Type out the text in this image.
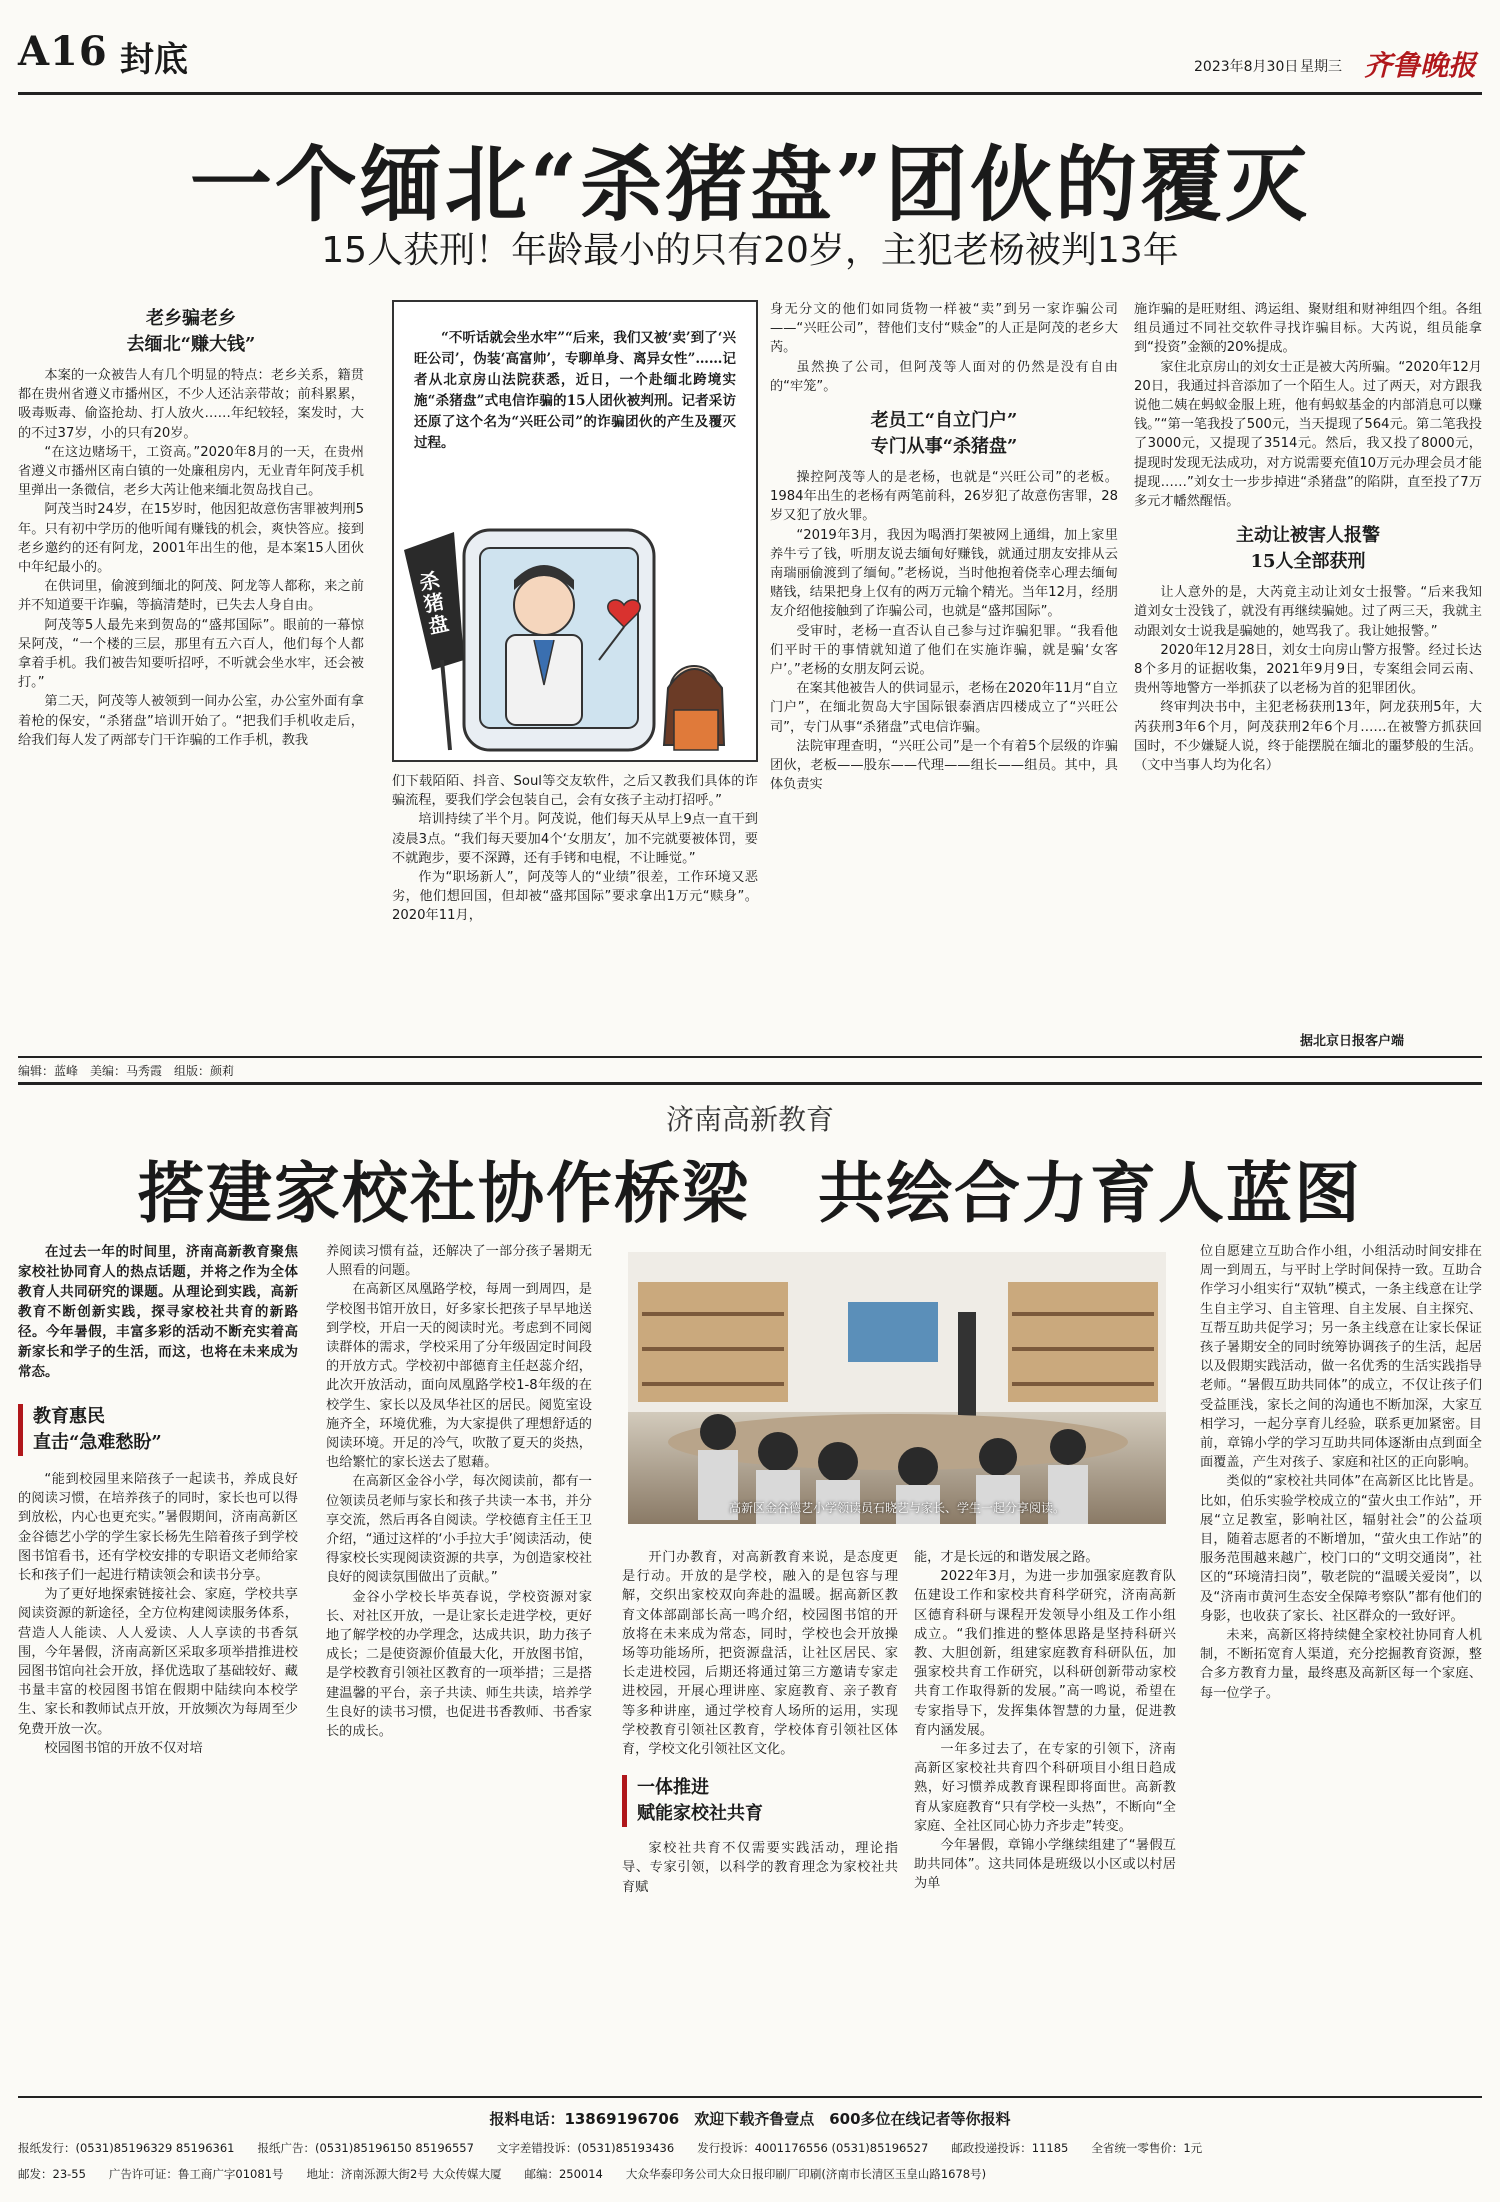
A16 封底	2023年8月30日 星期三 齐鲁晚报
一个缅北“杀猪盘”团伙的覆灭
15人获刑！年龄最小的只有20岁，主犯老杨被判13年
老乡骗老乡
去缅北“赚大钱”

本案的一众被告人有几个明显的特点：老乡关系，籍贯都在贵州省遵义市播州区，不少人还沾亲带故；前科累累，吸毒贩毒、偷盗抢劫、打人放火……年纪较轻，案发时，大的不过37岁，小的只有20岁。

“在这边赌场干，工资高。”2020年8月的一天，在贵州省遵义市播州区南白镇的一处廉租房内，无业青年阿茂手机里弹出一条微信，老乡大芮让他来缅北贺岛找自己。

阿茂当时24岁，在15岁时，他因犯故意伤害罪被判刑5年。只有初中学历的他听闻有赚钱的机会，爽快答应。接到老乡邀约的还有阿龙，2001年出生的他，是本案15人团伙中年纪最小的。

在供词里，偷渡到缅北的阿茂、阿龙等人都称，来之前并不知道要干诈骗，等搞清楚时，已失去人身自由。

阿茂等5人最先来到贺岛的“盛邦国际”。眼前的一幕惊呆阿茂，“一个楼的三层，那里有五六百人，他们每个人都拿着手机。我们被告知要听招呼，不听就会坐水牢，还会被打。”

第二天，阿茂等人被领到一间办公室，办公室外面有拿着枪的保安，“杀猪盘”培训开始了。“把我们手机收走后，给我们每人发了两部专门干诈骗的工作手机，教我

“不听话就会坐水牢”“后来，我们又被‘卖’到了‘兴旺公司’，伪装‘高富帅’，专聊单身、离异女性”……记者从北京房山法院获悉，近日，一个赴缅北跨境实施“杀猪盘”式电信诈骗的15人团伙被判刑。记者采访还原了这个名为“兴旺公司”的诈骗团伙的产生及覆灭过程。
杀猪盘

们下载陌陌、抖音、Soul等交友软件，之后又教我们具体的诈骗流程，要我们学会包装自己，会有女孩子主动打招呼。”

培训持续了半个月。阿茂说，他们每天从早上9点一直干到凌晨3点。“我们每天要加4个‘女朋友’，加不完就要被体罚，要不就跑步，要不深蹲，还有手铐和电棍，不让睡觉。”

作为“职场新人”，阿茂等人的“业绩”很差，工作环境又恶劣，他们想回国，但却被“盛邦国际”要求拿出1万元“赎身”。2020年11月，

身无分文的他们如同货物一样被“卖”到另一家诈骗公司——“兴旺公司”，替他们支付“赎金”的人正是阿茂的老乡大芮。

虽然换了公司，但阿茂等人面对的仍然是没有自由的“牢笼”。

老员工“自立门户”
专门从事“杀猪盘”

操控阿茂等人的是老杨，也就是“兴旺公司”的老板。1984年出生的老杨有两笔前科，26岁犯了故意伤害罪，28岁又犯了放火罪。

“2019年3月，我因为喝酒打架被网上通缉，加上家里养牛亏了钱，听朋友说去缅甸好赚钱，就通过朋友安排从云南瑞丽偷渡到了缅甸。”老杨说，当时他抱着侥幸心理去缅甸赌钱，结果把身上仅有的两万元输个精光。当年12月，经朋友介绍他接触到了诈骗公司，也就是“盛邦国际”。

受审时，老杨一直否认自己参与过诈骗犯罪。“我看他们平时干的事情就知道了他们在实施诈骗，就是骗‘女客户’。”老杨的女朋友阿云说。

在案其他被告人的供词显示，老杨在2020年11月“自立门户”，在缅北贺岛大宇国际银泰酒店四楼成立了“兴旺公司”，专门从事“杀猪盘”式电信诈骗。

法院审理查明，“兴旺公司”是一个有着5个层级的诈骗团伙，老板——股东——代理——组长——组员。其中，具体负责实

施诈骗的是旺财组、鸿运组、聚财组和财神组四个组。各组组员通过不同社交软件寻找诈骗目标。大芮说，组员能拿到“投资”金额的20%提成。

家住北京房山的刘女士正是被大芮所骗。“2020年12月20日，我通过抖音添加了一个陌生人。过了两天，对方跟我说他二姨在蚂蚁金服上班，他有蚂蚁基金的内部消息可以赚钱。”“第一笔我投了500元，当天提现了564元。第二笔我投了3000元，又提现了3514元。然后，我又投了8000元，提现时发现无法成功，对方说需要充值10万元办理会员才能提现……”刘女士一步步掉进“杀猪盘”的陷阱，直至投了7万多元才幡然醒悟。

主动让被害人报警
15人全部获刑

让人意外的是，大芮竟主动让刘女士报警。“后来我知道刘女士没钱了，就没有再继续骗她。过了两三天，我就主动跟刘女士说我是骗她的，她骂我了。我让她报警。”

2020年12月28日，刘女士向房山警方报警。经过长达8个多月的证据收集，2021年9月9日，专案组会同云南、贵州等地警方一举抓获了以老杨为首的犯罪团伙。

终审判决书中，主犯老杨获刑13年，阿龙获刑5年，大芮获刑3年6个月，阿茂获刑2年6个月……在被警方抓获回国时，不少嫌疑人说，终于能摆脱在缅北的噩梦般的生活。（文中当事人均为化名）

据北京日报客户端
编辑：蓝峰　美编：马秀霞　组版：颜莉
济南高新教育
搭建家校社协作桥梁　共绘合力育人蓝图

在过去一年的时间里，济南高新教育聚焦家校社协同育人的热点话题，并将之作为全体教育人共同研究的课题。从理论到实践，高新教育不断创新实践，探寻家校社共育的新路径。今年暑假，丰富多彩的活动不断充实着高新家长和学子的生活，而这，也将在未来成为常态。

教育惠民
直击“急难愁盼”

“能到校园里来陪孩子一起读书，养成良好的阅读习惯，在培养孩子的同时，家长也可以得到放松，内心也更充实。”暑假期间，济南高新区金谷德艺小学的学生家长杨先生陪着孩子到学校图书馆看书，还有学校安排的专职语文老师给家长和孩子们一起进行精读领会和读书分享。

为了更好地探索链接社会、家庭，学校共享阅读资源的新途径，全方位构建阅读服务体系，营造人人能读、人人爱读、人人享读的书香氛围，今年暑假，济南高新区采取多项举措推进校园图书馆向社会开放，择优选取了基础较好、藏书量丰富的校园图书馆在假期中陆续向本校学生、家长和教师试点开放，开放频次为每周至少免费开放一次。

校园图书馆的开放不仅对培

养阅读习惯有益，还解决了一部分孩子暑期无人照看的问题。

在高新区凤凰路学校，每周一到周四，是学校图书馆开放日，好多家长把孩子早早地送到学校，开启一天的阅读时光。考虑到不同阅读群体的需求，学校采用了分年级固定时间段的开放方式。学校初中部德育主任赵蕊介绍，此次开放活动，面向凤凰路学校1-8年级的在校学生、家长以及凤华社区的居民。阅览室设施齐全，环境优雅，为大家提供了理想舒适的阅读环境。开足的冷气，吹散了夏天的炎热，也给繁忙的家长送去了慰藉。

在高新区金谷小学，每次阅读前，都有一位领读员老师与家长和孩子共读一本书，并分享交流，然后再各自阅读。学校德育主任王卫介绍，“通过这样的‘小手拉大手’阅读活动，使得家校长实现阅读资源的共享，为创造家校社良好的阅读氛围做出了贡献。”

金谷小学校长毕英春说，学校资源对家长、对社区开放，一是让家长走进学校，更好地了解学校的办学理念，达成共识，助力孩子成长；二是使资源价值最大化，开放图书馆，是学校教育引领社区教育的一项举措；三是搭建温馨的平台，亲子共读、师生共读，培养学生良好的读书习惯，也促进书香教师、书香家长的成长。

高新区金谷德艺小学领读员石晓艺与家长、学生一起分享阅读。

开门办教育，对高新教育来说，是态度更是行动。开放的是学校，融入的是包容与理解，交织出家校双向奔赴的温暖。据高新区教育文体部副部长高一鸣介绍，校园图书馆的开放将在未来成为常态，同时，学校也会开放操场等功能场所，把资源盘活，让社区居民、家长走进校园，后期还将通过第三方邀请专家走进校园，开展心理讲座、家庭教育、亲子教育等多种讲座，通过学校育人场所的运用，实现学校教育引领社区教育，学校体育引领社区体育，学校文化引领社区文化。

一体推进
赋能家校社共育

家校社共育不仅需要实践活动，理论指导、专家引领，以科学的教育理念为家校社共育赋

能，才是长远的和谐发展之路。

2022年3月，为进一步加强家庭教育队伍建设工作和家校共育科学研究，济南高新区德育科研与课程开发领导小组及工作小组成立。“我们推进的整体思路是坚持科研兴教、大胆创新，组建家庭教育科研队伍，加强家校共育工作研究，以科研创新带动家校共育工作取得新的发展。”高一鸣说，希望在专家指导下，发挥集体智慧的力量，促进教育内涵发展。

一年多过去了，在专家的引领下，济南高新区家校社共育四个科研项目小组日趋成熟，好习惯养成教育课程即将面世。高新教育从家庭教育“只有学校一头热”，不断向“全家庭、全社区同心协力齐步走”转变。

今年暑假，章锦小学继续组建了“暑假互助共同体”。这共同体是班级以小区或以村居为单

位自愿建立互助合作小组，小组活动时间安排在周一到周五，与平时上学时间保持一致。互助合作学习小组实行“双轨”模式，一条主线意在让学生自主学习、自主管理、自主发展、自主探究、互帮互助共促学习；另一条主线意在让家长保证孩子暑期安全的同时统筹协调孩子的生活，起居以及假期实践活动，做一名优秀的生活实践指导老师。“暑假互助共同体”的成立，不仅让孩子们受益匪浅，家长之间的沟通也不断加深，大家互相学习，一起分享育儿经验，联系更加紧密。目前，章锦小学的学习互助共同体逐渐由点到面全面覆盖，产生对孩子、家庭和社区的正向影响。

类似的“家校社共同体”在高新区比比皆是。比如，伯乐实验学校成立的“萤火虫工作站”，开展“立足教室，影响社区，辐射社会”的公益项目，随着志愿者的不断增加，“萤火虫工作站”的服务范围越来越广，校门口的“文明交通岗”，社区的“环境清扫岗”，敬老院的“温暖关爱岗”，以及“济南市黄河生态安全保障考察队”都有他们的身影，也收获了家长、社区群众的一致好评。

未来，高新区将持续健全家校社协同育人机制，不断拓宽育人渠道，充分挖掘教育资源，整合多方教育力量，最终惠及高新区每一个家庭、每一位学子。

报料电话：13869196706　欢迎下载齐鲁壹点　600多位在线记者等你报料
报纸发行：(0531)85196329 85196361　　报纸广告：(0531)85196150 85196557　　文字差错投诉：(0531)85193436　　发行投诉：4001176556 (0531)85196527　　邮政投递投诉：11185　　全省统一零售价：1元
邮发：23-55　　广告许可证：鲁工商广字01081号　　地址：济南泺源大街2号 大众传媒大厦　　邮编：250014　　大众华泰印务公司大众日报印刷厂印刷(济南市长清区玉皇山路1678号)
